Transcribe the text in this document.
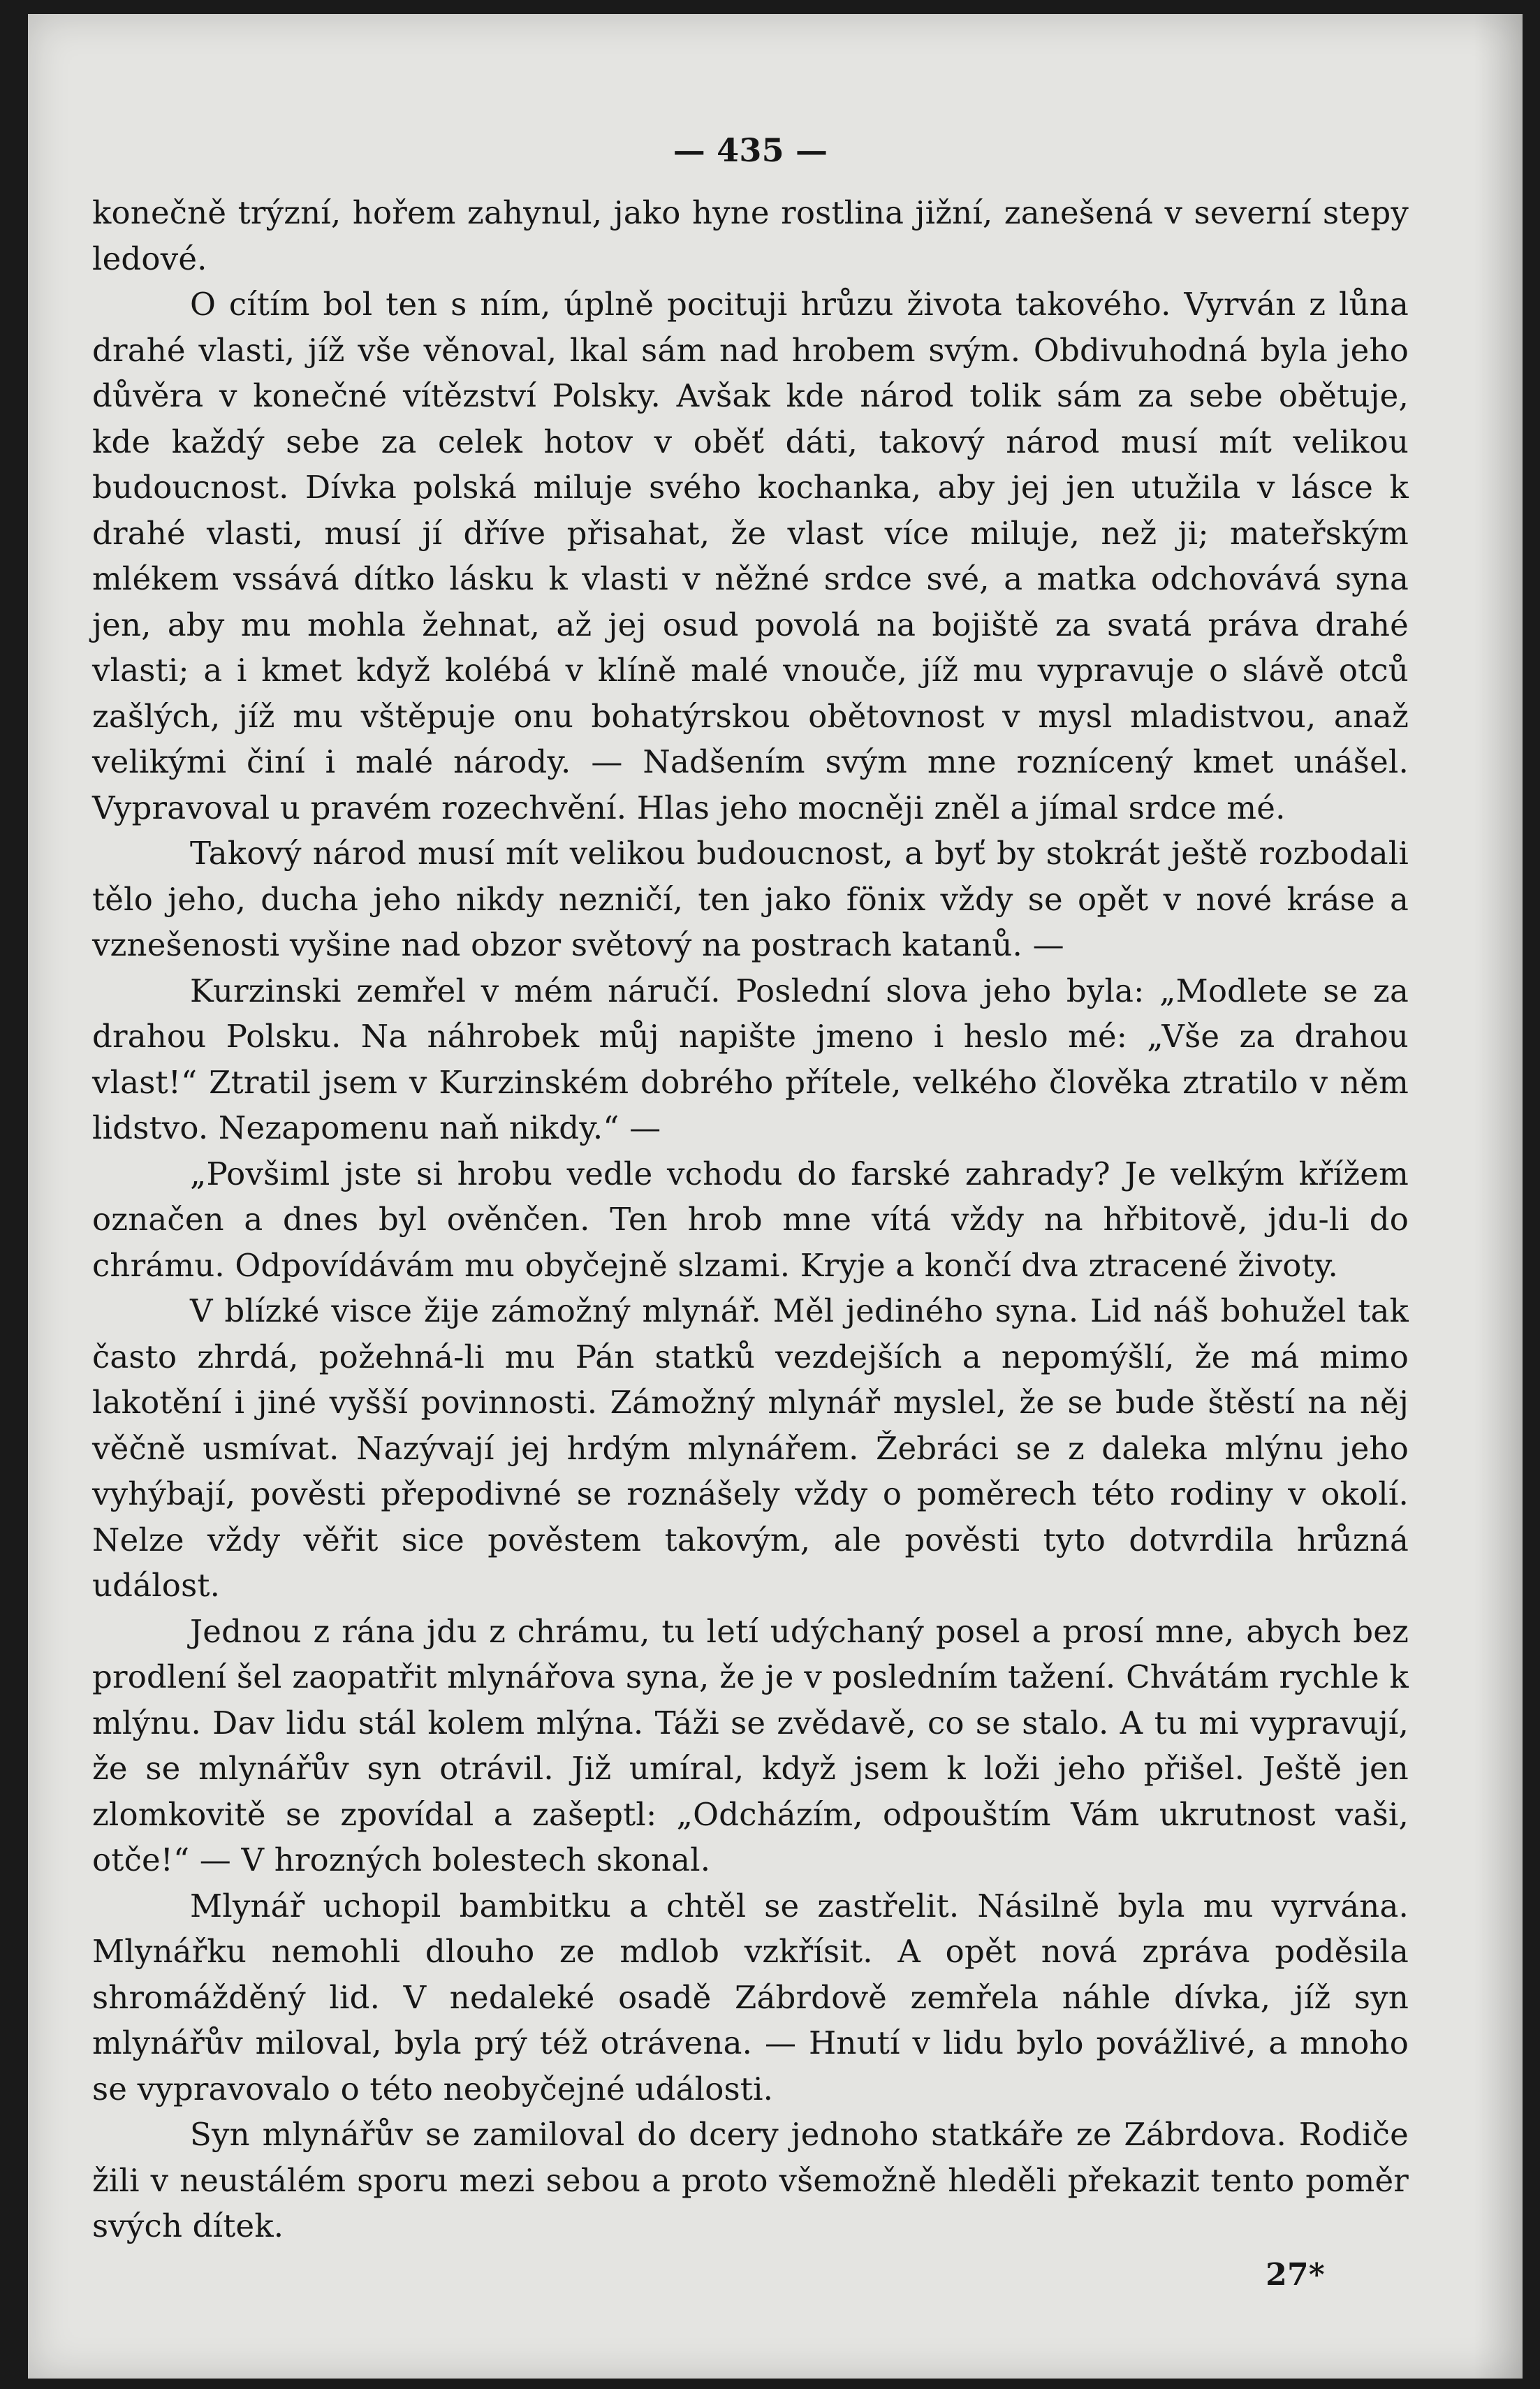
— 435 —

konečně trýzní, hořem zahynul, jako hyne rostlina jižní, zanešená v severní stepy ledové.

O cítím bol ten s ním, úplně pocituji hrůzu života takového. Vyrván z lůna drahé vlasti, jíž vše věnoval, lkal sám nad hrobem svým. Obdivuhodná byla jeho důvěra v konečné vítězství Polsky. Avšak kde národ tolik sám za sebe obětuje, kde každý sebe za celek hotov v oběť dáti, takový národ musí mít velikou budoucnost. Dívka polská miluje svého kochanka, aby jej jen utužila v lásce k drahé vlasti, musí jí dříve přisahat, že vlast více miluje, než ji; mateřským mlékem vssává dítko lásku k vlasti v něžné srdce své, a matka odchovává syna jen, aby mu mohla žehnat, až jej osud povolá na bojiště za svatá práva drahé vlasti; a i kmet když kolébá v klíně malé vnouče, jíž mu vypravuje o slávě otců zašlých, jíž mu vštěpuje onu bohatýrskou obětovnost v mysl mladistvou, anaž velikými činí i malé národy. — Nadšením svým mne roznícený kmet unášel. Vypravoval u pravém rozechvění. Hlas jeho mocněji zněl a jímal srdce mé.

Takový národ musí mít velikou budoucnost, a byť by stokrát ještě rozbodali tělo jeho, ducha jeho nikdy nezničí, ten jako fönix vždy se opět v nové kráse a vznešenosti vyšine nad obzor světový na postrach katanů. —

Kurzinski zemřel v mém náručí. Poslední slova jeho byla: „Modlete se za drahou Polsku. Na náhrobek můj napište jmeno i heslo mé: „Vše za drahou vlast!“ Ztratil jsem v Kurzinském dobrého přítele, velkého člověka ztratilo v něm lidstvo. Nezapomenu naň nikdy.“ —

„Povšiml jste si hrobu vedle vchodu do farské zahrady? Je velkým křížem označen a dnes byl ověnčen. Ten hrob mne vítá vždy na hřbitově, jdu-li do chrámu. Odpovídávám mu obyčejně slzami. Kryje a končí dva ztracené životy.

V blízké visce žije zámožný mlynář. Měl jediného syna. Lid náš bohužel tak často zhrdá, požehná-li mu Pán statků vezdejších a nepomýšlí, že má mimo lakotění i jiné vyšší povinnosti. Zámožný mlynář myslel, že se bude štěstí na něj věčně usmívat. Nazývají jej hrdým mlynářem. Žebráci se z daleka mlýnu jeho vyhýbají, pověsti přepodivné se roznášely vždy o poměrech této rodiny v okolí. Nelze vždy věřit sice pověstem takovým, ale pověsti tyto dotvrdila hrůzná událost.

Jednou z rána jdu z chrámu, tu letí udýchaný posel a prosí mne, abych bez prodlení šel zaopatřit mlynářova syna, že je v posledním tažení. Chvátám rychle k mlýnu. Dav lidu stál kolem mlýna. Táži se zvědavě, co se stalo. A tu mi vypravují, že se mlynářův syn otrávil. Již umíral, když jsem k loži jeho přišel. Ještě jen zlomkovitě se zpovídal a zašeptl: „Odcházím, odpouštím Vám ukrutnost vaši, otče!“ — V hrozných bolestech skonal.

Mlynář uchopil bambitku a chtěl se zastřelit. Násilně byla mu vyrvána. Mlynářku nemohli dlouho ze mdlob vzkřísit. A opět nová zpráva poděsila shromážděný lid. V nedaleké osadě Zábrdově zemřela náhle dívka, jíž syn mlynářův miloval, byla prý též otrávena. — Hnutí v lidu bylo povážlivé, a mnoho se vypravovalo o této neobyčejné události.

Syn mlynářův se zamiloval do dcery jednoho statkáře ze Zábrdova. Rodiče žili v neustálém sporu mezi sebou a proto všemožně hleděli překazit tento poměr svých dítek.

27*
